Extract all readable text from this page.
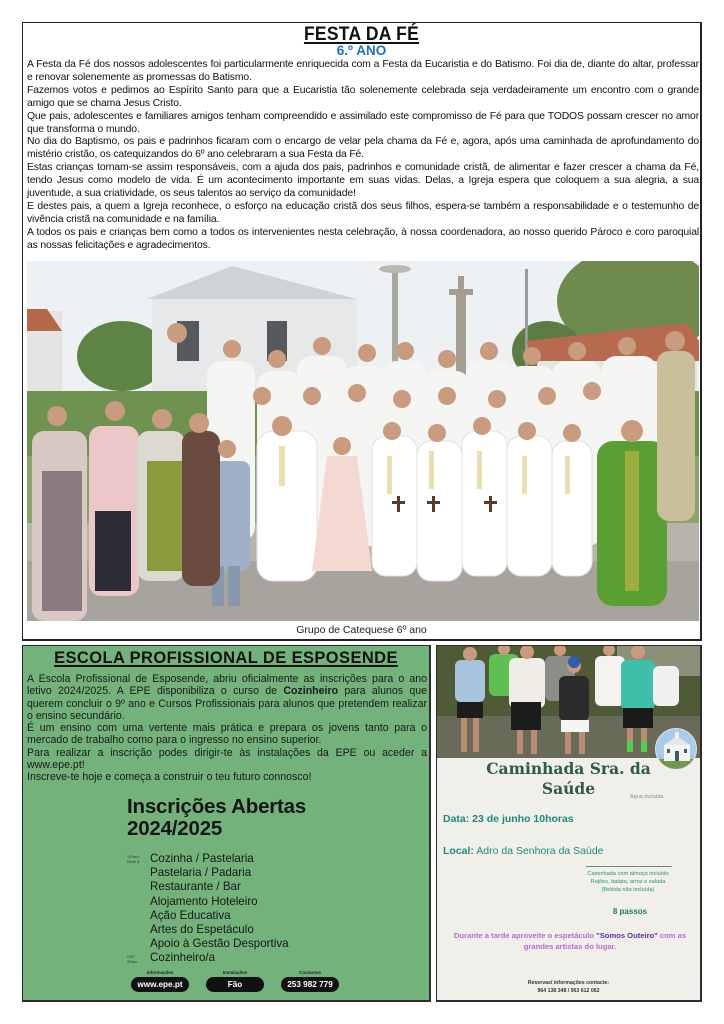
FESTA DA FÉ
6.º ANO

A Festa da Fé dos nossos adolescentes foi particularmente enriquecida com a Festa da Eucaristia e do Batismo. Foi dia de, diante do altar, professar e renovar solenemente as promessas do Batismo.

Fazemos votos e pedimos ao Espírito Santo para que a Eucaristia tão solenemente celebrada seja verdadeiramente um encontro com o grande amigo que se chama Jesus Cristo.

Que pais, adolescentes e familiares amigos tenham compreendido e assimilado este compromisso de Fé para que TODOS possam crescer no amor que transforma o mundo.

No dia do Baptismo, os pais e padrinhos ficaram com o encargo de velar pela chama da Fé e, agora, após uma caminhada de aprofundamento do mistério cristão, os catequizandos do 6º ano celebraram a sua Festa da Fé.

Estas crianças tornam-se assim responsáveis, com a ajuda dos pais, padrinhos e comunidade cristã, de alimentar e fazer crescer a chama da Fé, tendo Jesus como modelo de vida. É um acontecimento importante em suas vidas. Delas, a Igreja espera que coloquem a sua alegria, a sua juventude, a sua criatividade, os seus talentos ao serviço da comunidade!

E destes pais, a quem a Igreja reconhece, o esforço na educação cristã dos seus filhos, espera-se também a responsabilidade e o testemunho de vivência cristã na comunidade e na família.

A todos os pais e crianças bem como a todos os intervenientes nesta celebração, à nossa coordenadora, ao nosso querido Pároco e coro paroquial as nossas felicitações e agradecimentos.

Grupo de Catequese 6º ano
ESCOLA PROFISSIONAL DE ESPOSENDE

A Escola Profissional de Esposende, abriu oficialmente as inscrições para o ano letivo 2024/2025. A EPE disponibiliza o curso de Cozinheiro para alunos que querem concluir o 9º ano e Cursos Profissionais para alunos que pretendem realizar o ensino secundário.

É um ensino com uma vertente mais prática e prepara os jovens tanto para o mercado de trabalho como para o ingresso no ensino superior.

Para realizar a inscrição podes dirigir-te às instalações da EPE ou aceder a www.epe.pt!

Inscreve-te hoje e começa a construir o teu futuro connosco!

Inscrições Abertas
2024/2025
12ºano
Nível 4
CEF
9ºano
Cozinha / Pastelaria
Pastelaria / Padaria
Restaurante / Bar
Alojamento Hoteleiro
Ação Educativa
Artes do Espetáculo
Apoio à Gestão Desportiva
Cozinheiro/a
Informações
www.epe.pt
Instalações
Fão
Contactos
253 982 779
Caminhada Sra. da
Saúde	Água incluída
Data: 23 de junho 10horas
Local: Adro da Senhora da Saúde
Caminhada com almoço incluído
Rojões, batata, arroz e salada
(Bebida não incluída)
8 passos
Durante a tarde aproveite o espetáculo "Somos Outeiro" com as grandes artistas do lugar.
Reservas/ informações contacte:
964 138 348 / 963 612 062
